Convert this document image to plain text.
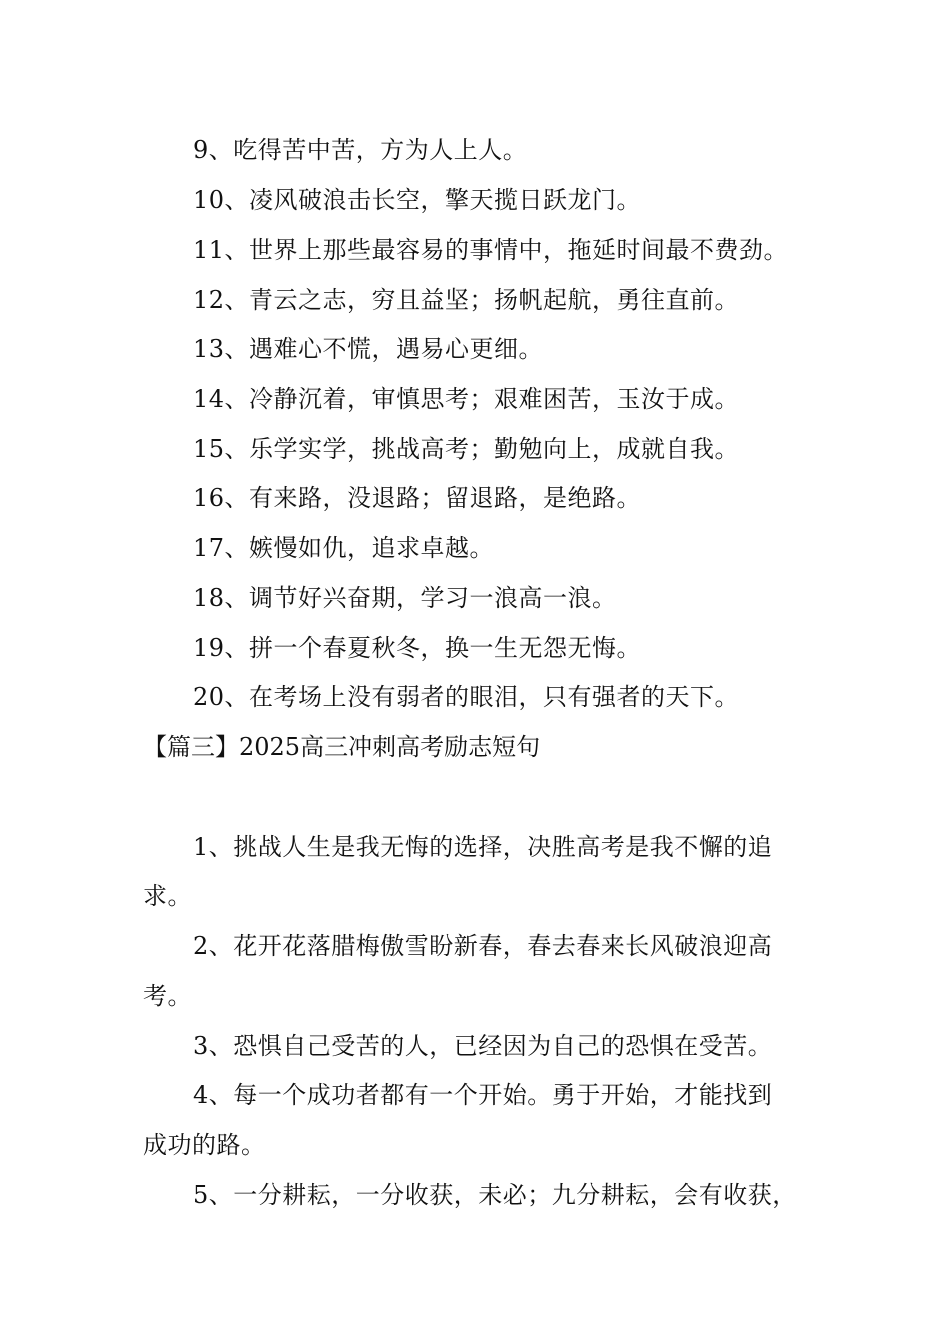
9、吃得苦中苦，方为人上人。
10、凌风破浪击长空，擎天揽日跃龙门。
11、世界上那些最容易的事情中，拖延时间最不费劲。
12、青云之志，穷且益坚；扬帆起航，勇往直前。
13、遇难心不慌，遇易心更细。
14、冷静沉着，审慎思考；艰难困苦，玉汝于成。
15、乐学实学，挑战高考；勤勉向上，成就自我。
16、有来路，没退路；留退路，是绝路。
17、嫉慢如仇，追求卓越。
18、调节好兴奋期，学习一浪高一浪。
19、拼一个春夏秋冬，换一生无怨无悔。
20、在考场上没有弱者的眼泪，只有强者的天下。
【篇三】2025高三冲刺高考励志短句
1、挑战人生是我无悔的选择，决胜高考是我不懈的追
求。
2、花开花落腊梅傲雪盼新春，春去春来长风破浪迎高
考。
3、恐惧自己受苦的人，已经因为自己的恐惧在受苦。
4、每一个成功者都有一个开始。勇于开始，才能找到
成功的路。
5、一分耕耘，一分收获，未必；九分耕耘，会有收获，
